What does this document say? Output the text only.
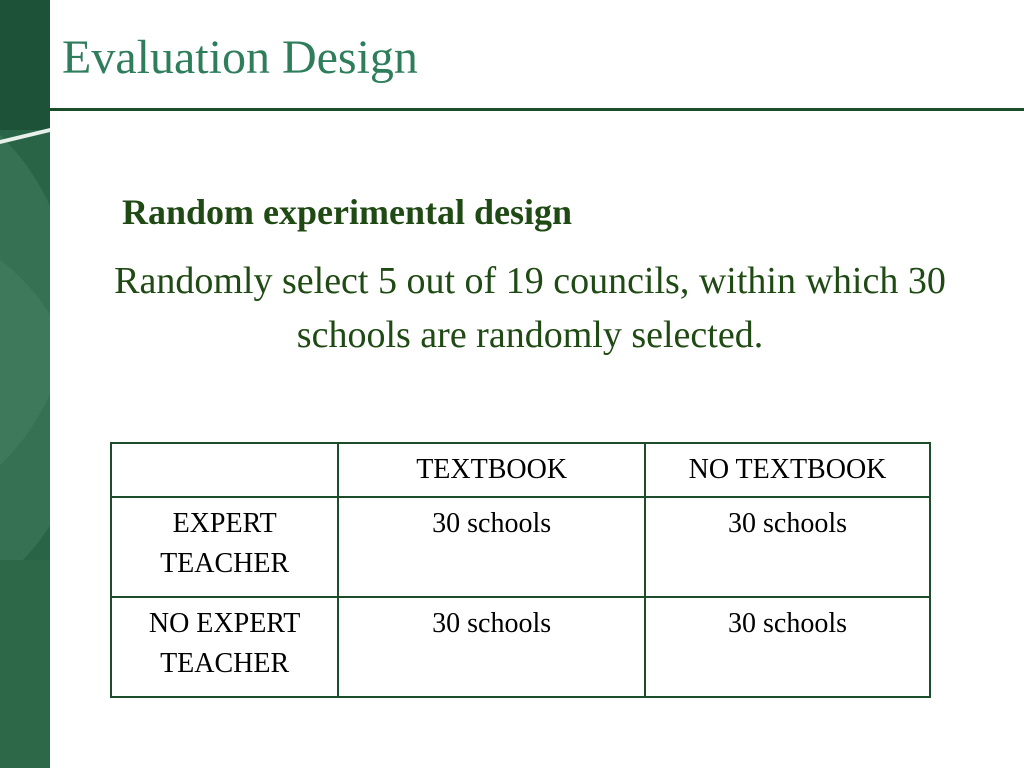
Evaluation Design

Random experimental design

Randomly select 5 out of 19 councils, within which 30 schools are randomly selected.

	TEXTBOOK	NO TEXTBOOK

EXPERT
TEACHER	30 schools	30 schools

NO EXPERT
TEACHER	30 schools	30 schools
